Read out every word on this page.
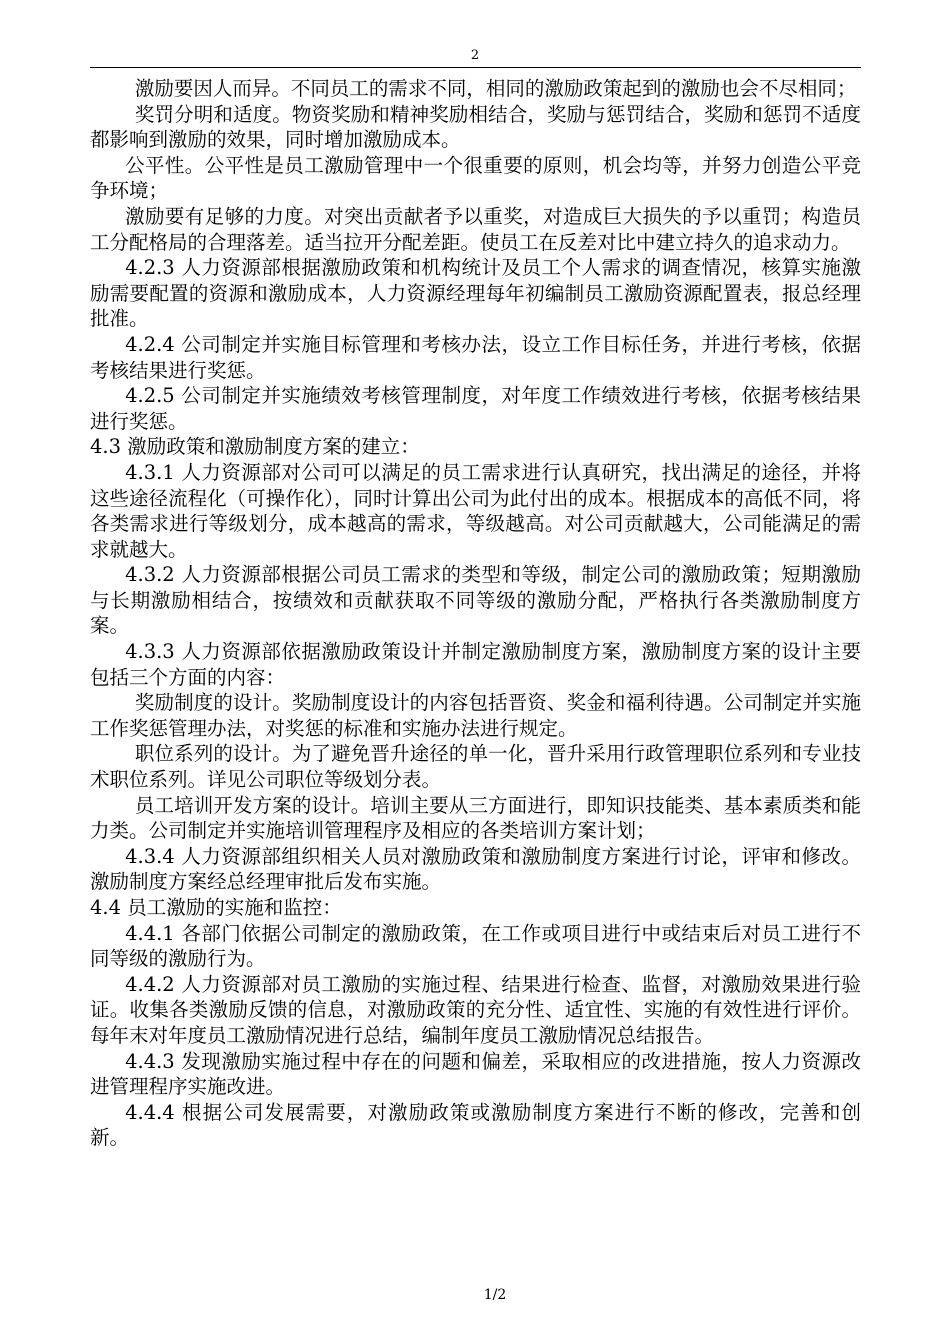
2

激励要因人而异。不同员工的需求不同，相同的激励政策起到的激励也会不尽相同；

奖罚分明和适度。物资奖励和精神奖励相结合，奖励与惩罚结合，奖励和惩罚不适度都影响到激励的效果，同时增加激励成本。

公平性。公平性是员工激励管理中一个很重要的原则，机会均等，并努力创造公平竞争环境；

激励要有足够的力度。对突出贡献者予以重奖，对造成巨大损失的予以重罚；构造员工分配格局的合理落差。适当拉开分配差距。使员工在反差对比中建立持久的追求动力。

4.2.3 人力资源部根据激励政策和机构统计及员工个人需求的调查情况，核算实施激励需要配置的资源和激励成本，人力资源经理每年初编制员工激励资源配置表，报总经理批准。

4.2.4 公司制定并实施目标管理和考核办法，设立工作目标任务，并进行考核，依据考核结果进行奖惩。

4.2.5 公司制定并实施绩效考核管理制度，对年度工作绩效进行考核，依据考核结果进行奖惩。

4.3 激励政策和激励制度方案的建立：

4.3.1 人力资源部对公司可以满足的员工需求进行认真研究，找出满足的途径，并将这些途径流程化（可操作化），同时计算出公司为此付出的成本。根据成本的高低不同，将各类需求进行等级划分，成本越高的需求，等级越高。对公司贡献越大，公司能满足的需求就越大。

4.3.2 人力资源部根据公司员工需求的类型和等级，制定公司的激励政策；短期激励与长期激励相结合，按绩效和贡献获取不同等级的激励分配，严格执行各类激励制度方案。

4.3.3 人力资源部依据激励政策设计并制定激励制度方案，激励制度方案的设计主要包括三个方面的内容：

奖励制度的设计。奖励制度设计的内容包括晋资、奖金和福利待遇。公司制定并实施工作奖惩管理办法，对奖惩的标准和实施办法进行规定。

职位系列的设计。为了避免晋升途径的单一化，晋升采用行政管理职位系列和专业技术职位系列。详见公司职位等级划分表。

员工培训开发方案的设计。培训主要从三方面进行，即知识技能类、基本素质类和能力类。公司制定并实施培训管理程序及相应的各类培训方案计划；

4.3.4 人力资源部组织相关人员对激励政策和激励制度方案进行讨论，评审和修改。激励制度方案经总经理审批后发布实施。

4.4 员工激励的实施和监控：

4.4.1 各部门依据公司制定的激励政策，在工作或项目进行中或结束后对员工进行不同等级的激励行为。

4.4.2 人力资源部对员工激励的实施过程、结果进行检查、监督，对激励效果进行验证。收集各类激励反馈的信息，对激励政策的充分性、适宜性、实施的有效性进行评价。每年末对年度员工激励情况进行总结，编制年度员工激励情况总结报告。

4.4.3 发现激励实施过程中存在的问题和偏差，采取相应的改进措施，按人力资源改进管理程序实施改进。

4.4.4 根据公司发展需要，对激励政策或激励制度方案进行不断的修改，完善和创新。

1/2
